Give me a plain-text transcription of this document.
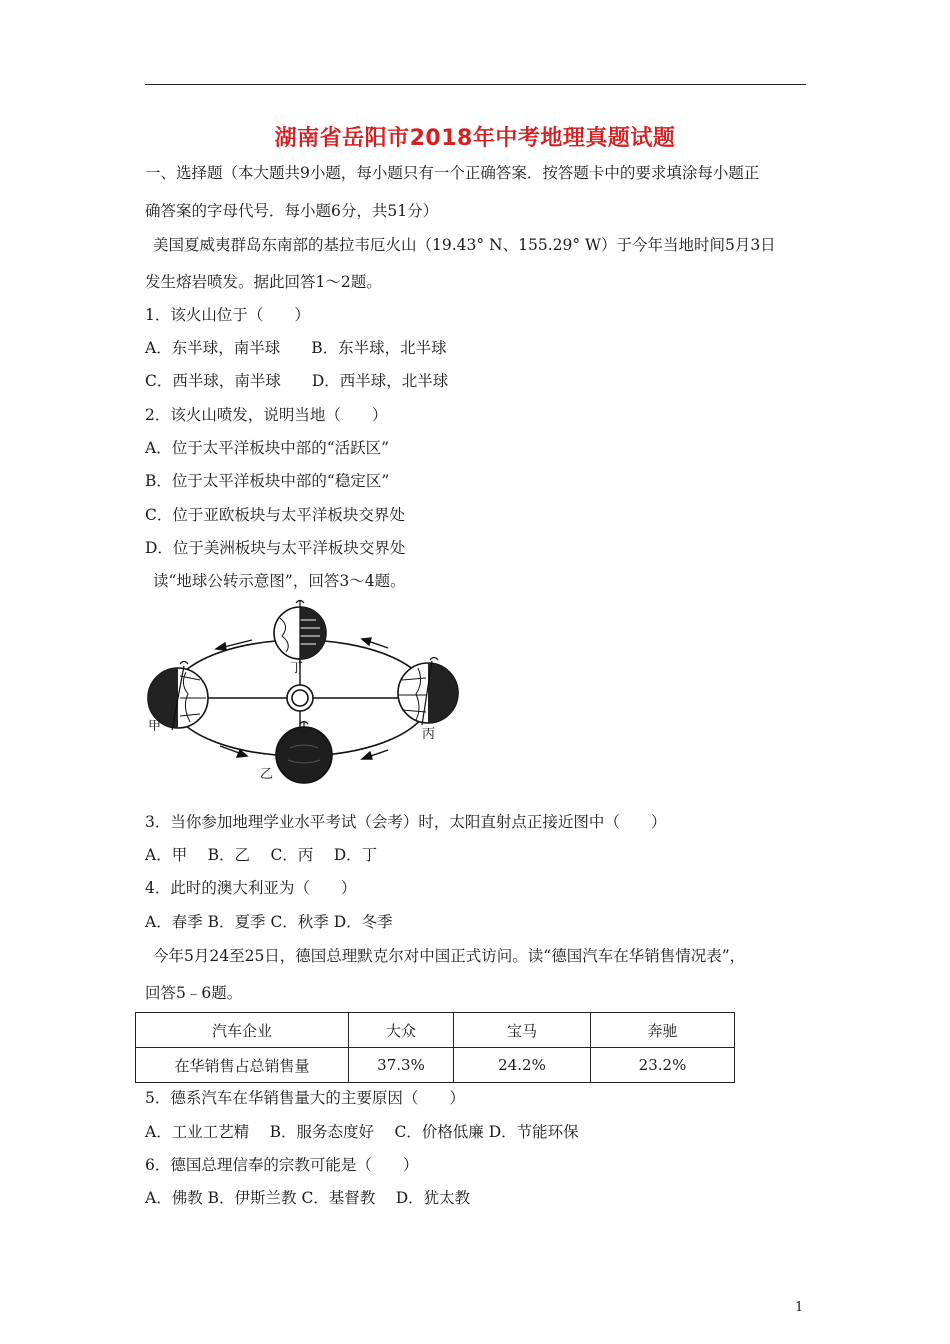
湖南省岳阳市2018年中考地理真题试题
一、选择题（本大题共9小题，每小题只有一个正确答案．按答题卡中的要求填涂每小题正
确答案的字母代号．每小题6分，共51分）
美国夏威夷群岛东南部的基拉韦厄火山（19.43° N、155.29° W）于今年当地时间5月3日
发生熔岩喷发。据此回答1～2题。
1．该火山位于（　　）
A．东半球，南半球　　B．东半球，北半球
C．西半球，南半球　　D．西半球，北半球
2．该火山喷发，说明当地（　　）
A．位于太平洋板块中部的“活跃区”
B．位于太平洋板块中部的“稳定区”
C．位于亚欧板块与太平洋板块交界处
D．位于美洲板块与太平洋板块交界处
读“地球公转示意图”，回答3～4题。
甲
乙
丙
丁
3．当你参加地理学业水平考试（会考）时，太阳直射点正接近图中（　　）
A．甲　 B．乙　 C．丙　 D．丁
4．此时的澳大利亚为（　　）
A．春季 B．夏季 C．秋季 D．冬季
今年5月24至25日，德国总理默克尔对中国正式访问。读“德国汽车在华销售情况表”，
回答5﹣6题。
汽车企业	大众	宝马	奔驰
在华销售占总销售量	37.3%	24.2%	23.2%
5．德系汽车在华销售量大的主要原因（　　）
A．工业工艺精　 B．服务态度好　 C．价格低廉 D．节能环保
6．德国总理信奉的宗教可能是（　　）
A．佛教 B．伊斯兰教 C．基督教　 D．犹太教
1
